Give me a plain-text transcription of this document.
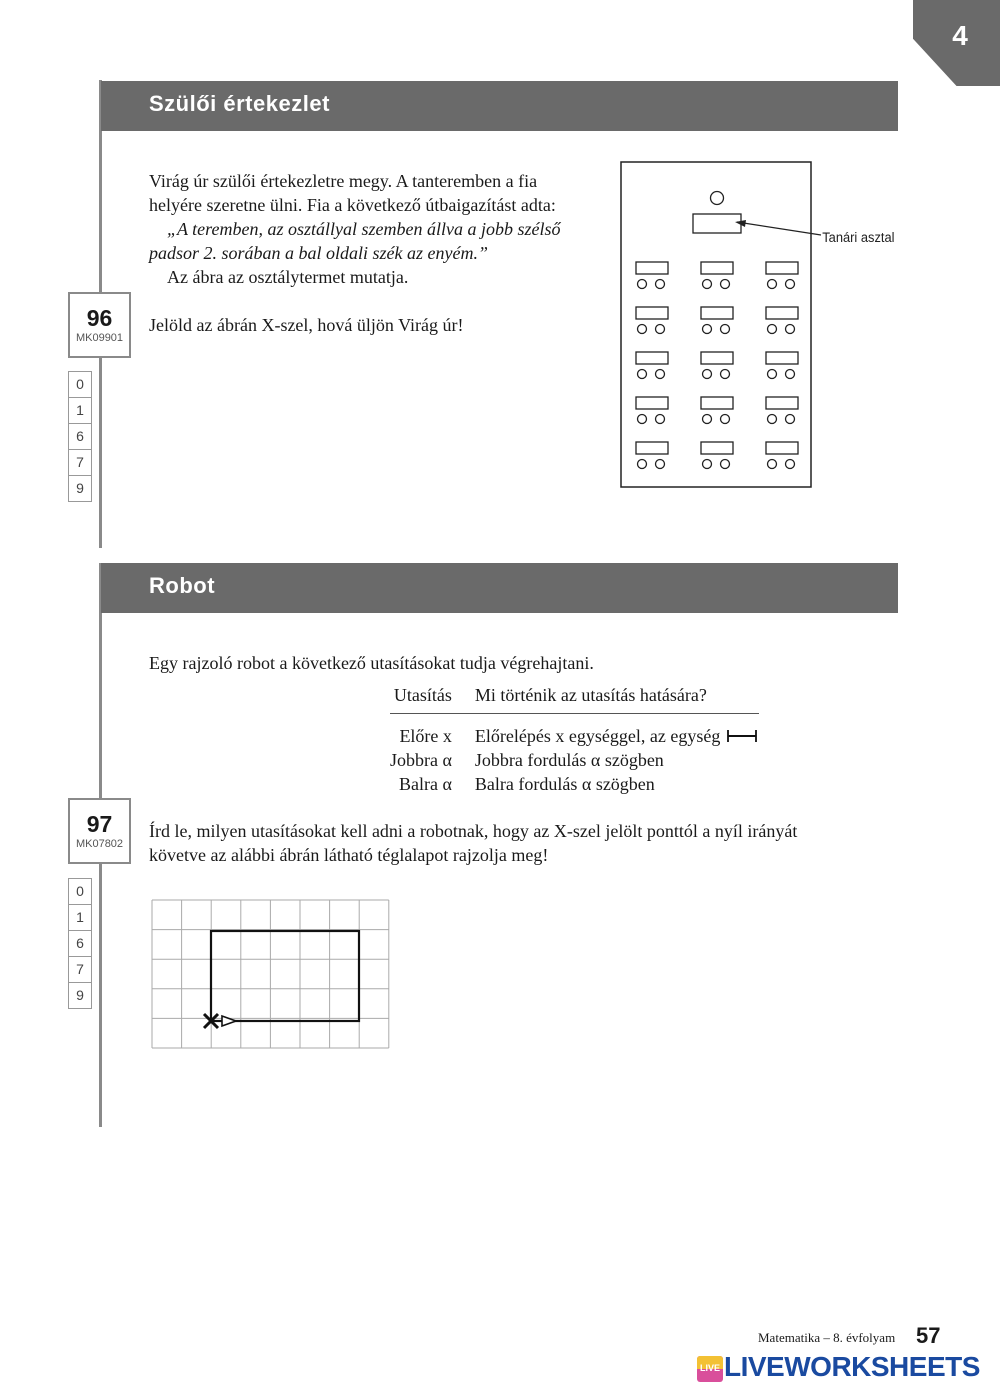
4
Szülői értekezlet
Virág úr szülői értekezletre megy. A tanteremben a fia
helyére szeretne ülni. Fia a következő útbaigazítást adta:
„A teremben, az osztállyal szemben állva a jobb szélső
padsor 2. sorában a bal oldali szék az enyém.”
Az ábra az osztálytermet mutatja.
Jelöld az ábrán X-szel, hová üljön Virág úr!
96
MK09901
0
1
6
7
9
Tanári asztal
Robot
Egy rajzoló robot a következő utasításokat tudja végrehajtani.
Utasítás	Mi történik az utasítás hatására?
Előre x	Előrelépés x egységgel, az egység
Jobbra α	Jobbra fordulás α szögben
Balra α	Balra fordulás α szögben
97
MK07802
0
1
6
7
9
Írd le, milyen utasításokat kell adni a robotnak, hogy az X-szel jelölt ponttól a nyíl irányát
követve az alábbi ábrán látható téglalapot rajzolja meg!
Matematika – 8. évfolyam 57
LIVE LIVEWORKSHEETS
